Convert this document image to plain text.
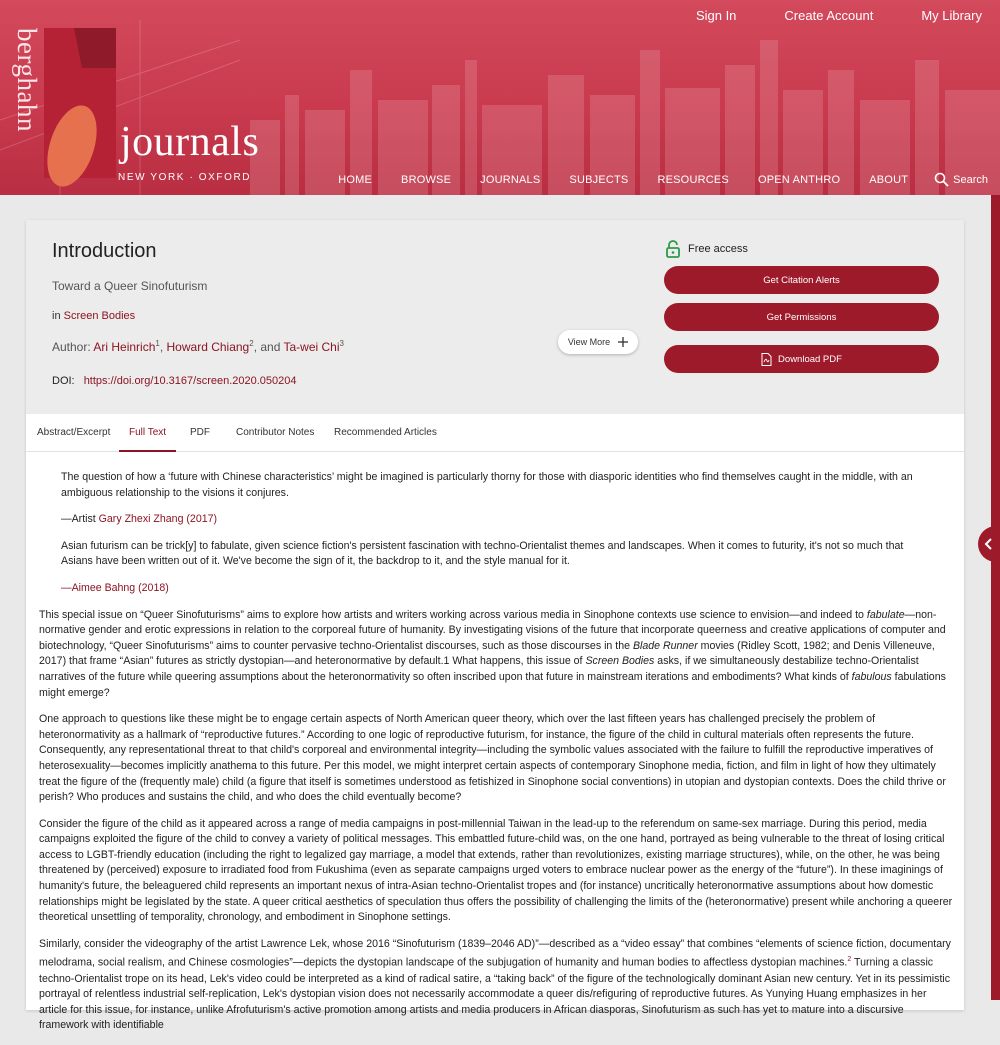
Sign In	Create Account	My Library
berghahn
journals
NEW YORK · OXFORD	HOME	BROWSE	JOURNALS	SUBJECTS	RESOURCES	OPEN ANTHRO	ABOUT	Search
Introduction
Toward a Queer Sinofuturism
in Screen Bodies
Author: Ari Heinrich$^1$, Howard Chiang$^2$, and Ta-wei Chi$^3$
DOI: https://doi.org/10.3167/screen.2020.050204
View More
Free access
Get Citation Alerts
Get Permissions
Download PDF
Abstract/Excerpt	Full Text	PDF	Contributor Notes Recommended Articles

The question of how a ‘future with Chinese characteristics’ might be imagined is particularly thorny for those with diasporic identities who find themselves caught in the middle, with an ambiguous relationship to the visions it conjures.

—Artist Gary Zhexi Zhang (2017)

Asian futurism can be trick[y] to fabulate, given science fiction's persistent fascination with techno-Orientalist themes and landscapes. When it comes to futurity, it's not so much that Asians have been written out of it. We've become the sign of it, the backdrop to it, and the style manual for it.

—Aimee Bahng (2018)

This special issue on “Queer Sinofuturisms” aims to explore how artists and writers working across various media in Sinophone contexts use science to envision—and indeed to fabulate—non-normative gender and erotic expressions in relation to the corporeal future of humanity. By investigating visions of the future that incorporate queerness and creative applications of computer and biotechnology, “Queer Sinofuturisms” aims to counter pervasive techno-Orientalist discourses, such as those discourses in the Blade Runner movies (Ridley Scott, 1982; and Denis Villeneuve, 2017) that frame “Asian” futures as strictly dystopian—and heteronormative by default.1 What happens, this issue of Screen Bodies asks, if we simultaneously destabilize techno-Orientalist narratives of the future while queering assumptions about the heteronormativity so often inscribed upon that future in mainstream iterations and embodiments? What kinds of fabulous fabulations might emerge?

One approach to questions like these might be to engage certain aspects of North American queer theory, which over the last fifteen years has challenged precisely the problem of heteronormativity as a hallmark of “reproductive futures.” According to one logic of reproductive futurism, for instance, the figure of the child in cultural materials often represents the future. Consequently, any representational threat to that child's corporeal and environmental integrity—including the symbolic values associated with the failure to fulfill the reproductive imperatives of heterosexuality—becomes implicitly anathema to this future. Per this model, we might interpret certain aspects of contemporary Sinophone media, fiction, and film in light of how they ultimately treat the figure of the (frequently male) child (a figure that itself is sometimes understood as fetishized in Sinophone social conventions) in utopian and dystopian contexts. Does the child thrive or perish? Who produces and sustains the child, and who does the child eventually become?

Consider the figure of the child as it appeared across a range of media campaigns in post-millennial Taiwan in the lead-up to the referendum on same-sex marriage. During this period, media campaigns exploited the figure of the child to convey a variety of political messages. This embattled future-child was, on the one hand, portrayed as being vulnerable to the threat of losing critical access to LGBT-friendly education (including the right to legalized gay marriage, a model that extends, rather than revolutionizes, existing marriage structures), while, on the other, he was being threatened by (perceived) exposure to irradiated food from Fukushima (even as separate campaigns urged voters to embrace nuclear power as the energy of the “future”). In these imaginings of humanity's future, the beleaguered child represents an important nexus of intra-Asian techno-Orientalist tropes and (for instance) uncritically heteronormative assumptions about how domestic relationships might be legislated by the state. A queer critical aesthetics of speculation thus offers the possibility of challenging the limits of the (heteronormative) present while anchoring a queerer theoretical unsettling of temporality, chronology, and embodiment in Sinophone settings.

Similarly, consider the videography of the artist Lawrence Lek, whose 2016 “Sinofuturism (1839–2046 AD)”—described as a “video essay” that combines “elements of science fiction, documentary melodrama, social realism, and Chinese cosmologies”—depicts the dystopian landscape of the subjugation of humanity and human bodies to affectless dystopian machines.$^2$ Turning a classic techno-Orientalist trope on its head, Lek's video could be interpreted as a kind of radical satire, a “taking back” of the figure of the technologically dominant Asian new century. Yet in its pessimistic portrayal of relentless industrial self-replication, Lek's dystopian vision does not necessarily accommodate a queer dis/refiguring of reproductive futures. As Yunying Huang emphasizes in her article for this issue, for instance, unlike Afrofuturism's active promotion among artists and media producers in African diasporas, Sinofuturism as such has yet to mature into a discursive framework with identifiable
